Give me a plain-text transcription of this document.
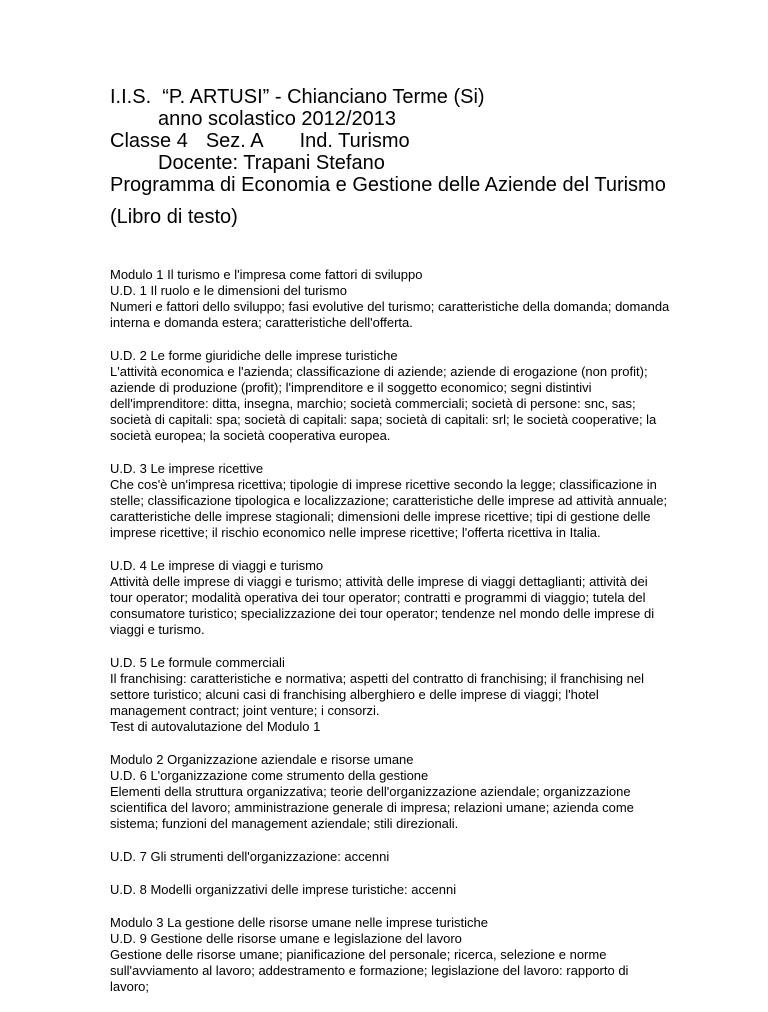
I.I.S.  “P. ARTUSI” - Chianciano Terme (Si)

anno scolastico 2012/2013

Classe 4 Sez. A Ind. Turismo

Docente: Trapani Stefano

Programma di Economia e Gestione delle Aziende del Turismo

(Libro di testo)

Modulo 1 Il turismo e l'impresa come fattori di sviluppo

U.D. 1 Il ruolo e le dimensioni del turismo

Numeri e fattori dello sviluppo; fasi evolutive del turismo; caratteristiche della domanda; domanda

interna e domanda estera; caratteristiche dell'offerta.

U.D. 2 Le forme giuridiche delle imprese turistiche

L'attività economica e l'azienda; classificazione di aziende; aziende di erogazione (non profit);

aziende di produzione (profit); l'imprenditore e il soggetto economico; segni distintivi

dell'imprenditore: ditta, insegna, marchio; società commerciali; società di persone: snc, sas;

società di capitali: spa; società di capitali: sapa; società di capitali: srl; le società cooperative; la

società europea; la società cooperativa europea.

U.D. 3 Le imprese ricettive

Che cos'è un'impresa ricettiva; tipologie di imprese ricettive secondo la legge; classificazione in

stelle; classificazione tipologica e localizzazione; caratteristiche delle imprese ad attività annuale;

caratteristiche delle imprese stagionali; dimensioni delle imprese ricettive; tipi di gestione delle

imprese ricettive; il rischio economico nelle imprese ricettive; l'offerta ricettiva in Italia.

U.D. 4 Le imprese di viaggi e turismo

Attività delle imprese di viaggi e turismo; attività delle imprese di viaggi dettaglianti; attività dei

tour operator; modalità operativa dei tour operator; contratti e programmi di viaggio; tutela del

consumatore turistico; specializzazione dei tour operator; tendenze nel mondo delle imprese di

viaggi e turismo.

U.D. 5 Le formule commerciali

Il franchising: caratteristiche e normativa; aspetti del contratto di franchising; il franchising nel

settore turistico; alcuni casi di franchising alberghiero e delle imprese di viaggi; l'hotel

management contract; joint venture; i consorzi.

Test di autovalutazione del Modulo 1

Modulo 2 Organizzazione aziendale e risorse umane

U.D. 6 L'organizzazione come strumento della gestione

Elementi della struttura organizzativa; teorie dell'organizzazione aziendale; organizzazione

scientifica del lavoro; amministrazione generale di impresa; relazioni umane; azienda come

sistema; funzioni del management aziendale; stili direzionali.

U.D. 7 Gli strumenti dell'organizzazione: accenni

U.D. 8 Modelli organizzativi delle imprese turistiche: accenni

Modulo 3 La gestione delle risorse umane nelle imprese turistiche

U.D. 9 Gestione delle risorse umane e legislazione del lavoro

Gestione delle risorse umane; pianificazione del personale; ricerca, selezione e norme

sull'avviamento al lavoro; addestramento e formazione; legislazione del lavoro: rapporto di lavoro;
